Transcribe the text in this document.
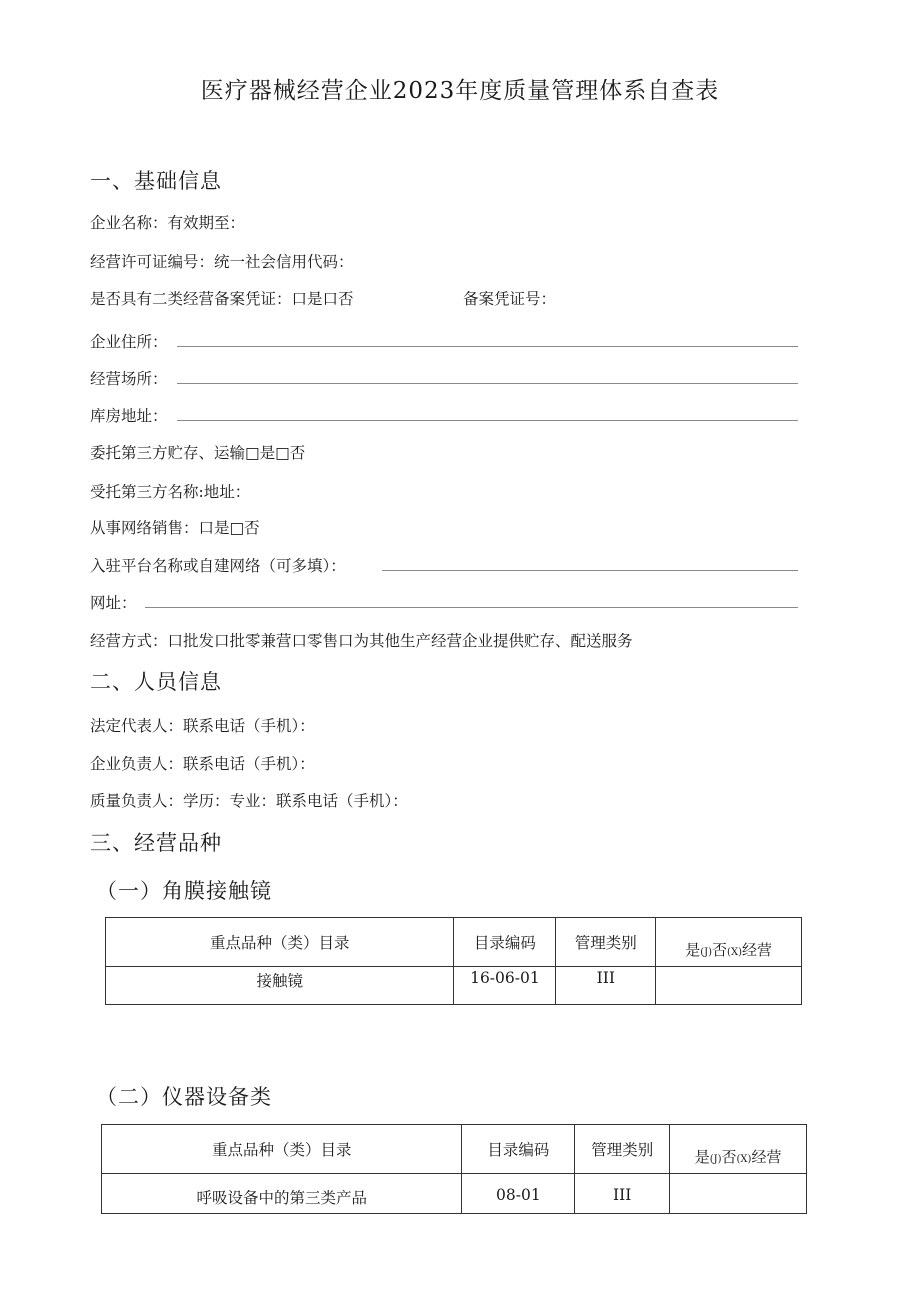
医疗器械经营企业2023年度质量管理体系自查表
一、基础信息
企业名称：有效期至：
经营许可证编号：统一社会信用代码：
是否具有二类经营备案凭证：口是口否	备案凭证号：
企业住所：
经营场所：
库房地址：
委托第三方贮存、运输□是□否
受托第三方名称:地址：
从事网络销售：口是□否
入驻平台名称或自建网络（可多填）：
网址：
经营方式：口批发口批零兼营口零售口为其他生产经营企业提供贮存、配送服务
二、人员信息
法定代表人：联系电话（手机）：
企业负责人：联系电话（手机）：
质量负责人：学历：专业：联系电话（手机）：
三、经营品种
（一）角膜接触镜
重点品种（类）目录	目录编码	管理类别	是(J)否(X)经营
接触镜	16-06-01	III	
（二）仪器设备类
重点品种（类）目录	目录编码	管理类别	是(J)否(X)经营
呼吸设备中的第三类产品	08-01	III	
